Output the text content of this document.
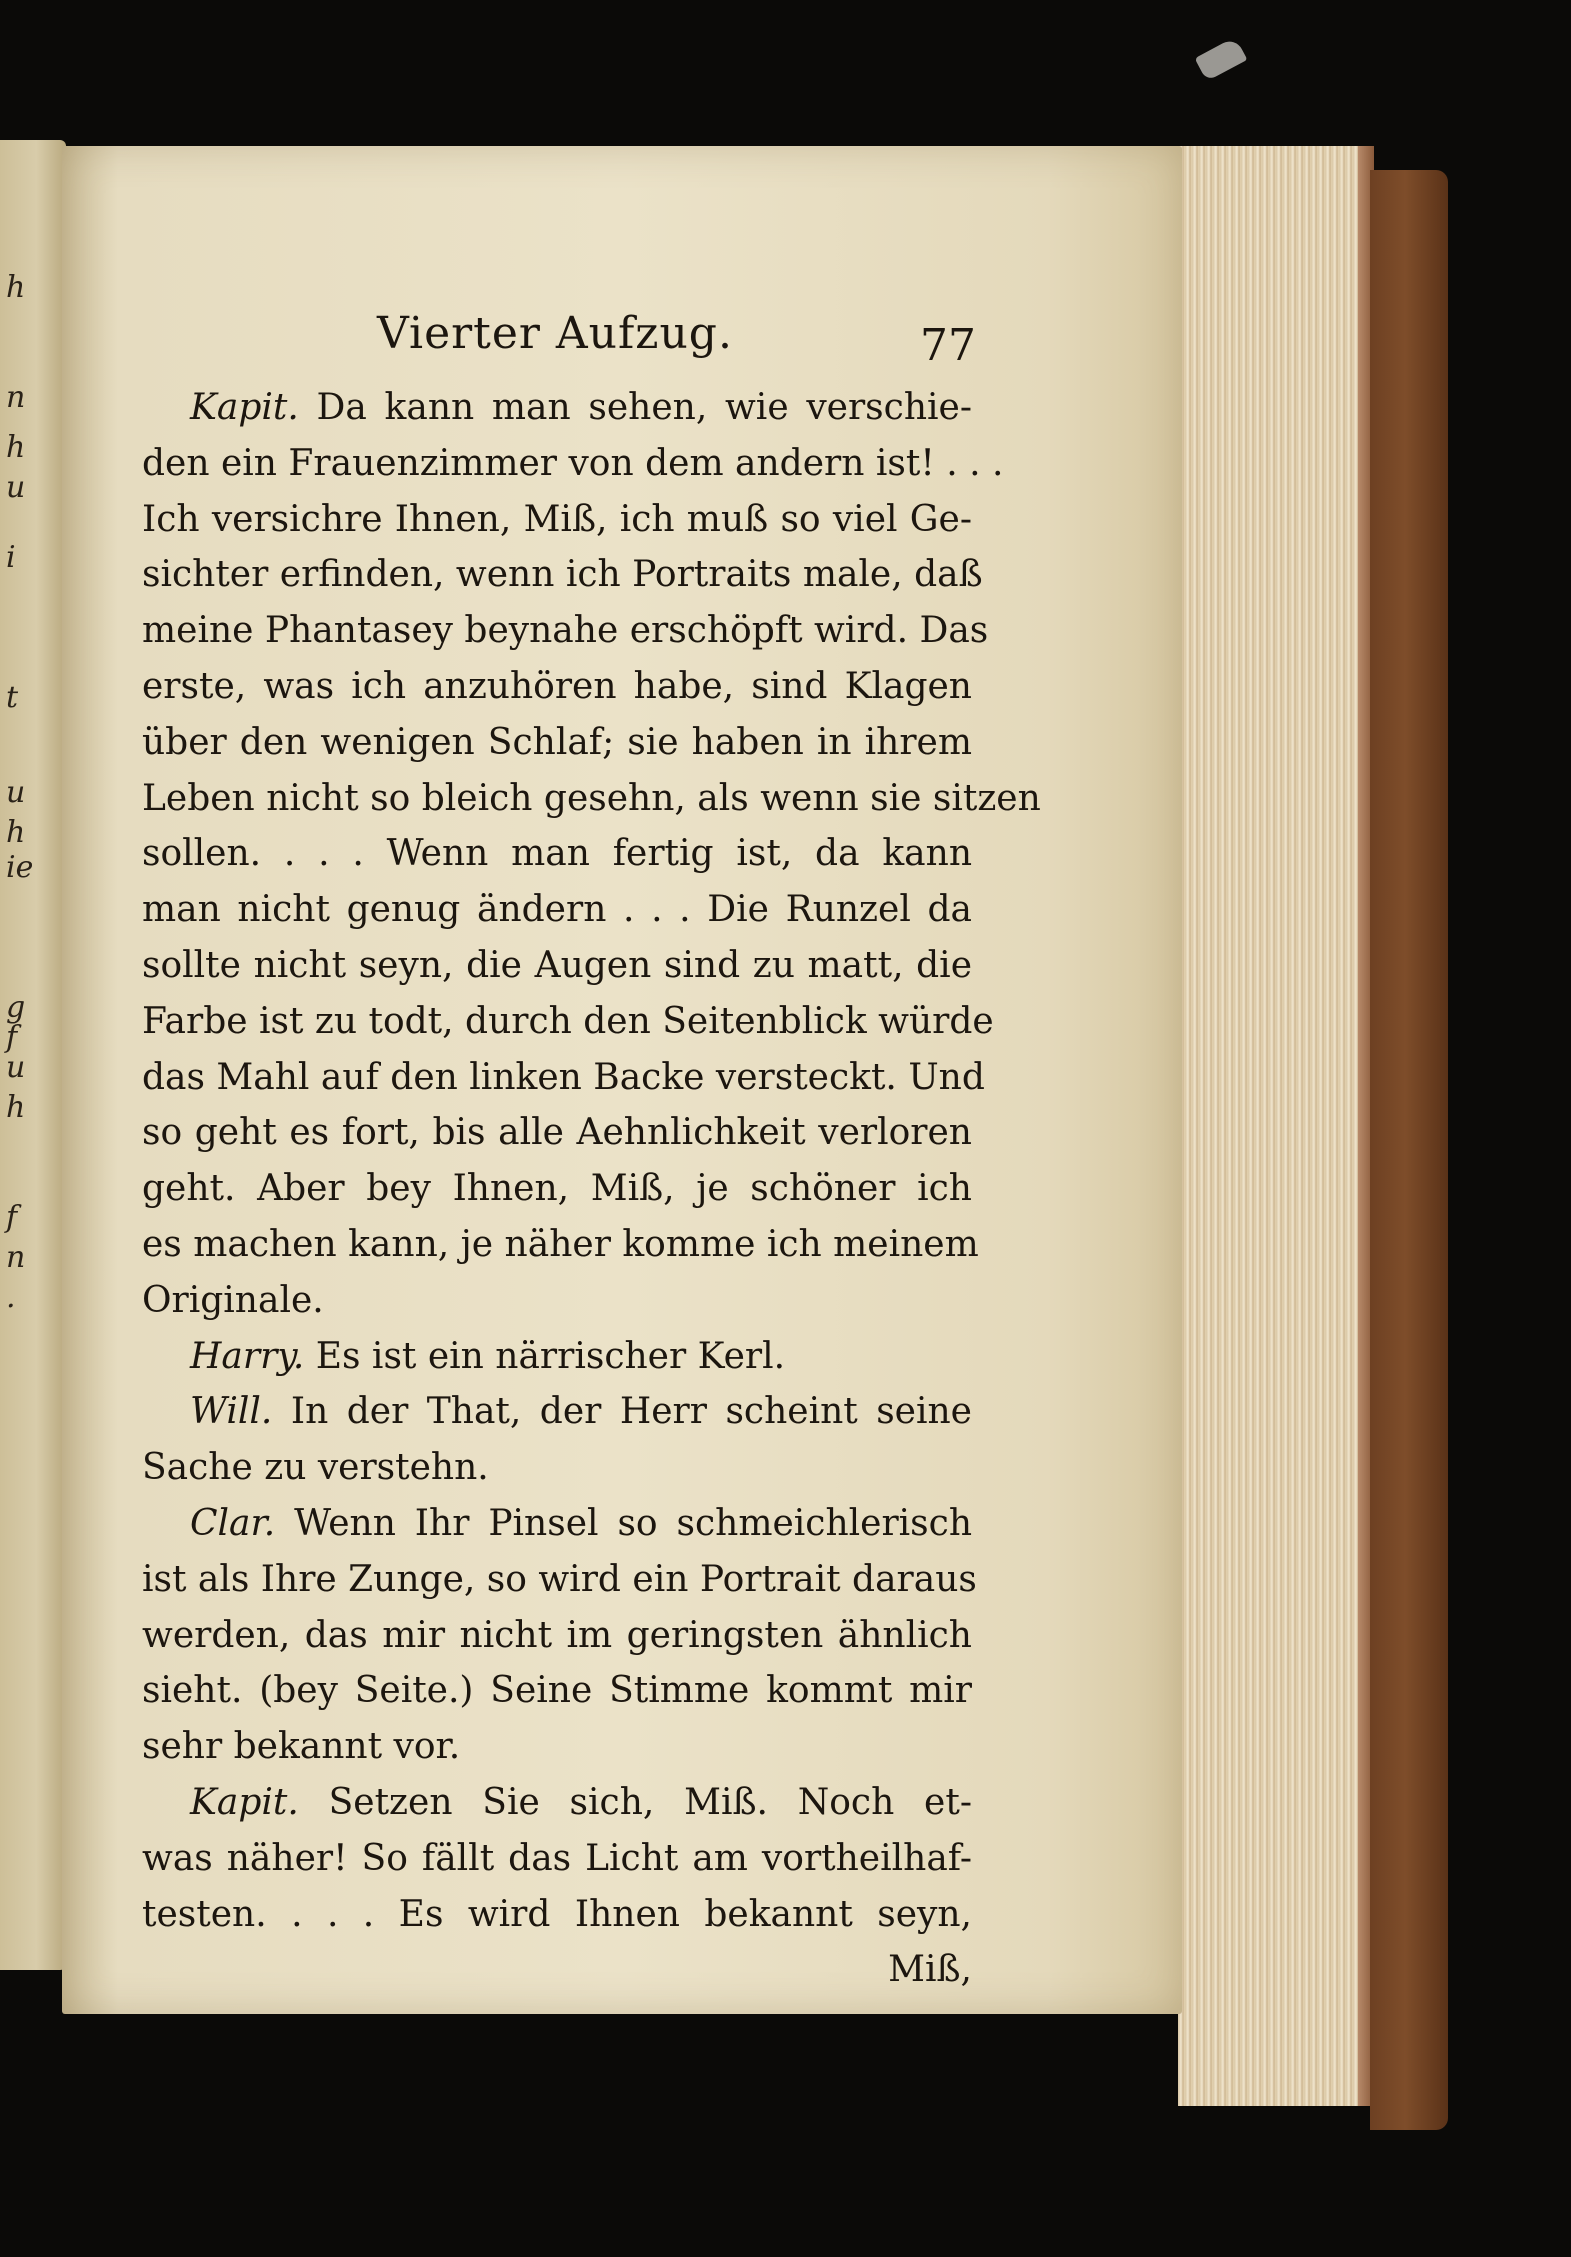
h
n
h
u
i
t
u
h
ie
g
f
u
h
f
n
.
Vierter Aufzug.	77
Kapit. Da kann man sehen, wie verschie-
den ein Frauenzimmer von dem andern ist! . . .
Ich versichre Ihnen, Miß, ich muß so viel Ge-
sichter erfinden, wenn ich Portraits male, daß
meine Phantasey beynahe erschöpft wird. Das
erste, was ich anzuhören habe, sind Klagen
über den wenigen Schlaf; sie haben in ihrem
Leben nicht so bleich gesehn, als wenn sie sitzen
sollen. . . . Wenn man fertig ist, da kann
man nicht genug ändern . . . Die Runzel da
sollte nicht seyn, die Augen sind zu matt, die
Farbe ist zu todt, durch den Seitenblick würde
das Mahl auf den linken Backe versteckt. Und
so geht es fort, bis alle Aehnlichkeit verloren
geht. Aber bey Ihnen, Miß, je schöner ich
es machen kann, je näher komme ich meinem
Originale.
Harry. Es ist ein närrischer Kerl.
Will. In der That, der Herr scheint seine
Sache zu verstehn.
Clar. Wenn Ihr Pinsel so schmeichlerisch
ist als Ihre Zunge, so wird ein Portrait daraus
werden, das mir nicht im geringsten ähnlich
sieht. (bey Seite.) Seine Stimme kommt mir
sehr bekannt vor.
Kapit. Setzen Sie sich, Miß. Noch et-
was näher! So fällt das Licht am vortheilhaf-
testen. . . . Es wird Ihnen bekannt seyn,
Miß,
